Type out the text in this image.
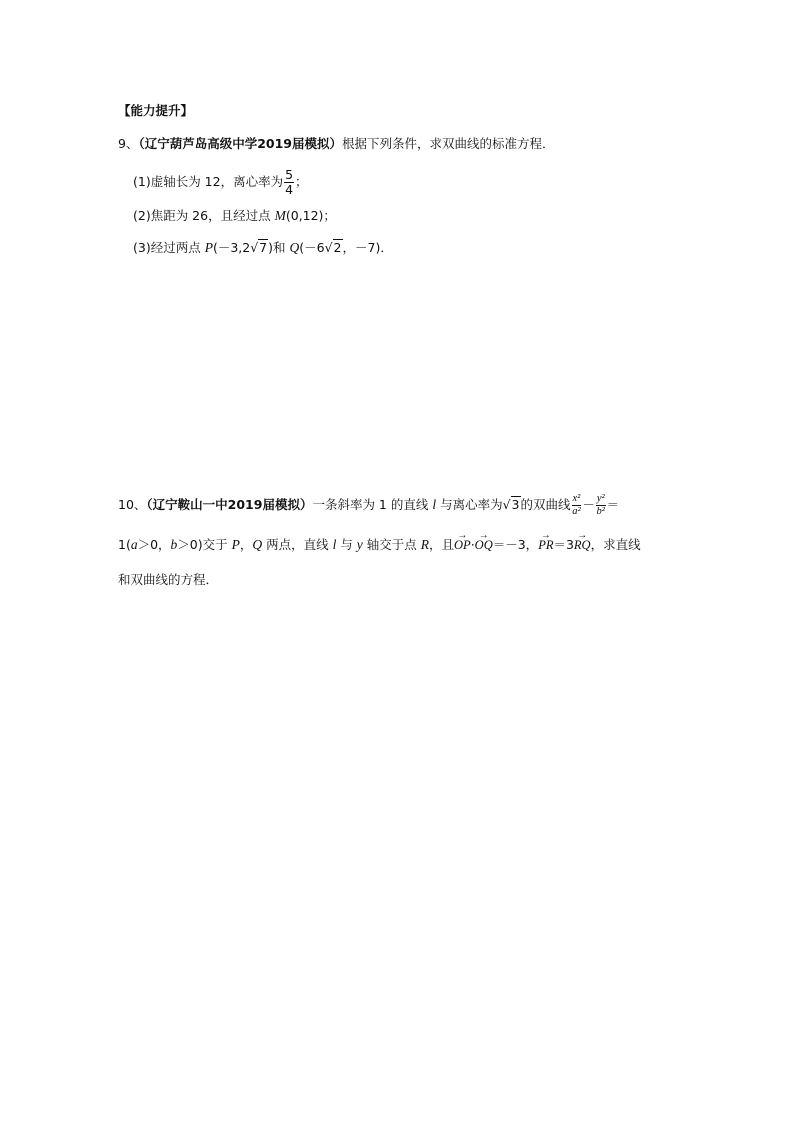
【能力提升】
9、（辽宁葫芦岛高级中学2019届模拟）根据下列条件，求双曲线的标准方程．
(1)虚轴长为 12，离心率为 $\frac{5}{4}$ ；
(2)焦距为 26，且经过点 M(0,12)；
(3)经过两点 P(－3,2√7)和 Q(－6√2，－7)．
10、（辽宁鞍山一中2019届模拟）一条斜率为 1 的直线 l 与离心率为√3的双曲线 $\frac{\text{x²}}{\text{a²}} - \frac{\text{y²}}{\text{b²}}$ ＝
1(a＞0，b＞0)交于 P，Q 两点，直线 l 与 y 轴交于点 R，且→ OP·→ OQ＝－3，→ PR＝3→ RQ，求直线
和双曲线的方程．
